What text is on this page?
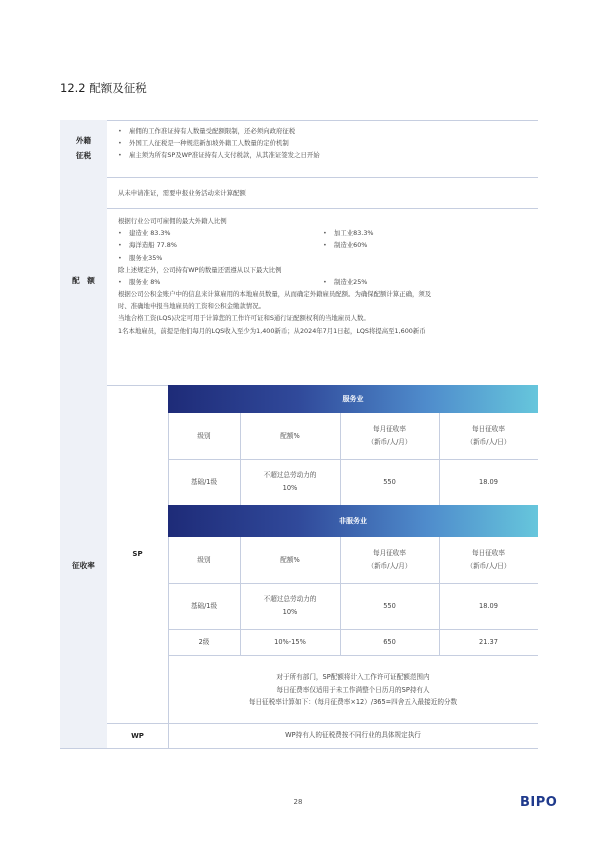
12.2 配额及征税
外籍
征税
• 雇佣的工作准证持有人数量受配额限制，还必须向政府征税
• 外国工人征税是一种规范新加坡外籍工人数量的定价机制
• 雇主须为所有SP及WP准证持有人支付税款，从其准证签发之日开始
配　额
从未申请准证，需要申报业务活动来计算配额
根据行业公司可雇佣的最大外籍人比例
• 建造业 83.3%
• 海洋造船 77.8%
• 服务业35%
• 加工业83.3%
• 制造业60%
除上述规定外，公司持有WP的数量还需遵从以下最大比例
• 服务业 8%
•	制造业25%
根据公司公积金账户中的信息来计算雇用的本地雇员数量，从而确定外籍雇员配额。为确保配额计算正确，须及
时、准确地申报当地雇员的工资和公积金缴款情况。
当地合格工资(LQS)决定可用于计算您的工作许可证和S通行证配额权利的当地雇员人数。
1名本地雇员，前提是他们每月的LQS收入至少为1,400新币；从2024年7月1日起，LQS将提高至1,600新币
征收率
SP
服务业
级别	配额%
每月征收率
（新币/人/月）
每日征收率
（新币/人/日）
基础/1级
不超过总劳动力的
10%
550	18.09
非服务业
级别	配额%
每月征收率
（新币/人/月）
每日征收率
（新币/人/日）
基础/1级
不超过总劳动力的
10%
550	18.09
2级	10%-15%	650	21.37
对于所有部门，SP配额将计入工作许可证配额范围内
每日征费率仅适用于未工作满整个日历月的SP持有人
每日征税率计算如下：(每月征费率×12）/365=四舍五入最接近的分数
WP	WP持有人的征税费按不同行业的具体规定执行
28	BIPO
